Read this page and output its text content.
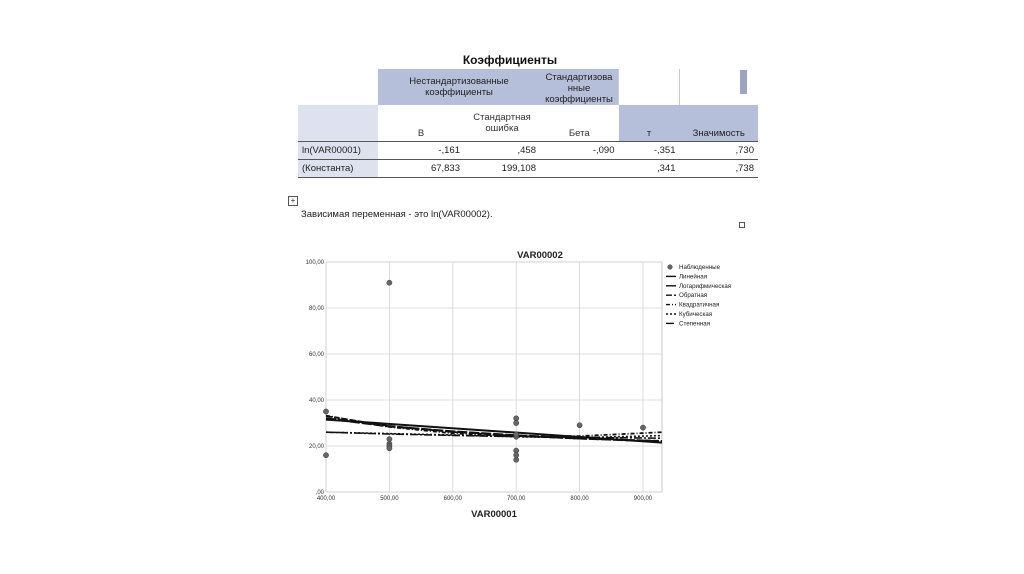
Коэффициенты
	Нестандартизованные коэффициенты		Стандартизова
нные
коэффициенты		

	B	Стандартная
ошибка	Бета	т	Значимость
ln(VAR00001)	-,161	,458	-,090	-,351	,730
(Константа)	67,833	199,108		,341	,738
+
Зависимая переменная - это ln(VAR00002).
VAR00002
400,00	500,00	600,00	700,00	800,00	900,00
,00
20,00
40,00
60,00
80,00
100,00
VAR00001
Наблюденные
Линейная
Логарифмическая
Обратная
Квадратичная
Кубическая
Степенная
